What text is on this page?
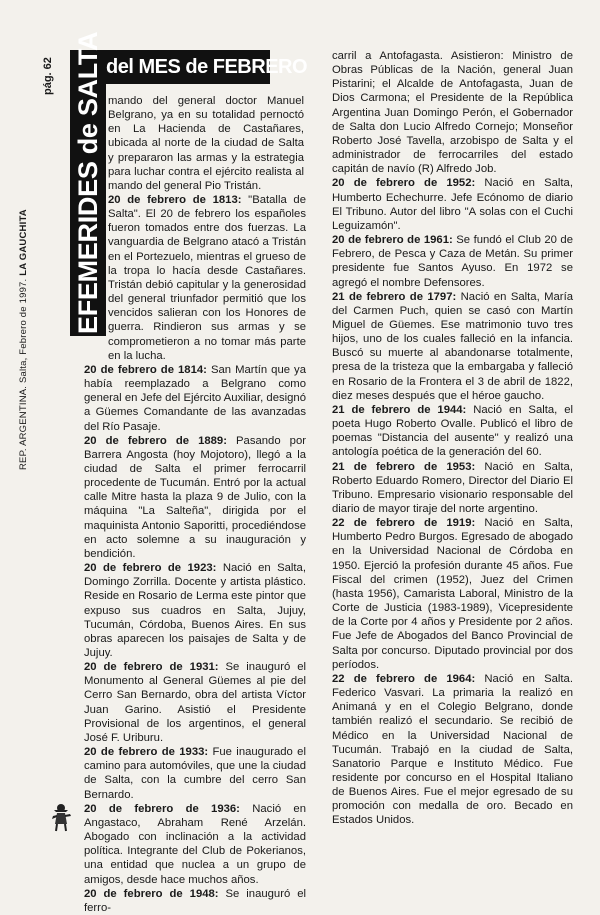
REP. ARGENTINA. Salta, Febrero de 1997. LA GAUCHITA
pág. 62 EFEMERIDES de SALTA del MES de FEBRERO

mando del general doctor Manuel Belgrano, ya en su totalidad pernoctó en La Hacienda de Castañares, ubicada al norte de la ciudad de Salta y prepararon las armas y la estrategia para luchar contra el ejército realista al mando del general Pio Tristán.

20 de febrero de 1813: "Batalla de Salta". El 20 de febrero los españoles fueron tomados entre dos fuerzas. La vanguardia de Belgrano atacó a Tristán en el Portezuelo, mientras el grueso de la tropa lo hacía desde Castañares. Tristán debió capitular y la generosidad del general triunfador permitió que los vencidos salieran con los Honores de guerra. Rindieron sus armas y se comprometieron a no tomar más parte en la lucha.

20 de febrero de 1814: San Martín que ya había reemplazado a Belgrano como general en Jefe del Ejército Auxiliar, designó a Güemes Comandante de las avanzadas del Río Pasaje.

20 de febrero de 1889: Pasando por Barrera Angosta (hoy Mojotoro), llegó a la ciudad de Salta el primer ferrocarril procedente de Tucumán. Entró por la actual calle Mitre hasta la plaza 9 de Julio, con la máquina "La Salteña", dirigida por el maquinista Antonio Saporitti, procediéndose en acto solemne a su inauguración y bendición.

20 de febrero de 1923: Nació en Salta, Domingo Zorrilla. Docente y artista plástico. Reside en Rosario de Lerma este pintor que expuso sus cuadros en Salta, Jujuy, Tucumán, Córdoba, Buenos Aires. En sus obras aparecen los paisajes de Salta y de Jujuy.

20 de febrero de 1931: Se inauguró el Monumento al General Güemes al pie del Cerro San Bernardo, obra del artista Víctor Juan Garino. Asistió el Presidente Provisional de los argentinos, el general José F. Uriburu.

20 de febrero de 1933: Fue inaugurado el camino para automóviles, que une la ciudad de Salta, con la cumbre del cerro San Bernardo.

20 de febrero de 1936: Nació en Angastaco, Abraham René Arzelán. Abogado con inclinación a la actividad política. Integrante del Club de Pokerianos, una entidad que nuclea a un grupo de amigos, desde hace muchos años.

20 de febrero de 1948: Se inauguró el ferro-

carril a Antofagasta. Asistieron: Ministro de Obras Públicas de la Nación, general Juan Pistarini; el Alcalde de Antofagasta, Juan de Dios Carmona; el Presidente de la República Argentina Juan Domingo Perón, el Gobernador de Salta don Lucio Alfredo Cornejo; Monseñor Roberto José Tavella, arzobispo de Salta y el administrador de ferrocarriles del estado capitán de navío (R) Alfredo Job.

20 de febrero de 1952: Nació en Salta, Humberto Echechurre. Jefe Ecónomo de diario El Tribuno. Autor del libro "A solas con el Cuchi Leguizamón".

20 de febrero de 1961: Se fundó el Club 20 de Febrero, de Pesca y Caza de Metán. Su primer presidente fue Santos Ayuso. En 1972 se agregó el nombre Defensores.

21 de febrero de 1797: Nació en Salta, María del Carmen Puch, quien se casó con Martín Miguel de Güemes. Ese matrimonio tuvo tres hijos, uno de los cuales falleció en la infancia. Buscó su muerte al abandonarse totalmente, presa de la tristeza que la embargaba y falleció en Rosario de la Frontera el 3 de abril de 1822, diez meses después que el héroe gaucho.

21 de febrero de 1944: Nació en Salta, el poeta Hugo Roberto Ovalle. Publicó el libro de poemas "Distancia del ausente" y realizó una antología poética de la generación del 60.

21 de febrero de 1953: Nació en Salta, Roberto Eduardo Romero, Director del Diario El Tribuno. Empresario visionario responsable del diario de mayor tiraje del norte argentino.

22 de febrero de 1919: Nació en Salta, Humberto Pedro Burgos. Egresado de abogado en la Universidad Nacional de Córdoba en 1950. Ejerció la profesión durante 45 años. Fue Fiscal del crimen (1952), Juez del Crimen (hasta 1956), Camarista Laboral, Ministro de la Corte de Justicia (1983-1989), Vicepresidente de la Corte por 4 años y Presidente por 2 años. Fue Jefe de Abogados del Banco Provincial de Salta por concurso. Diputado provincial por dos períodos.

22 de febrero de 1964: Nació en Salta. Federico Vasvari. La primaria la realizó en Animaná y en el Colegio Belgrano, donde también realizó el secundario. Se recibió de Médico en la Universidad Nacional de Tucumán. Trabajó en la ciudad de Salta, Sanatorio Parque e Instituto Médico. Fue residente por concurso en el Hospital Italiano de Buenos Aires. Fue el mejor egresado de su promoción con medalla de oro. Becado en Estados Unidos.
